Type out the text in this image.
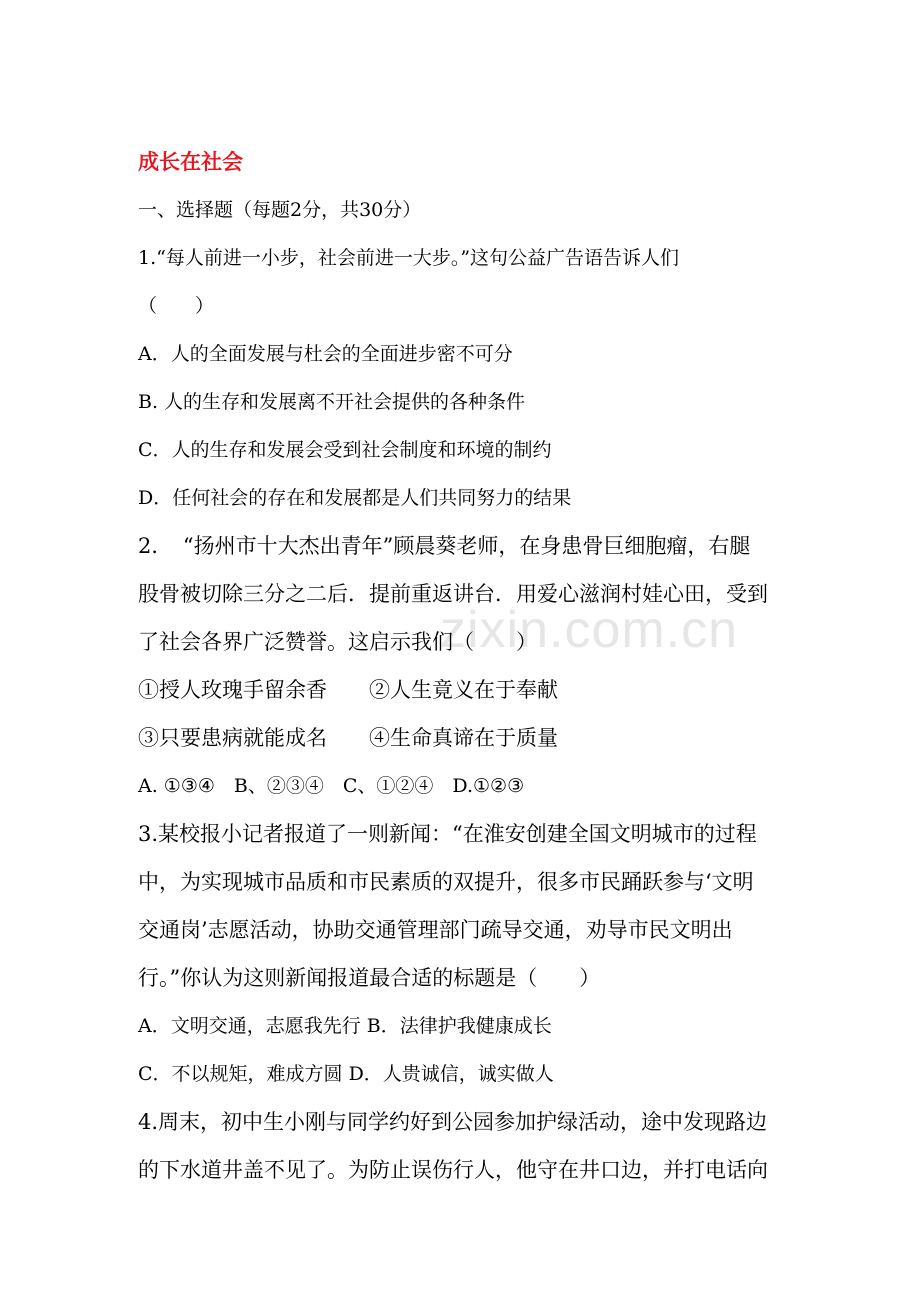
zixin.com.cn
成长在社会
一、选择题（每题2分，共30分）
1.“每人前进一小步，社会前进一大步。”这句公益广告语告诉人们
（　　）
A．人的全面发展与杜会的全面进步密不可分
B. 人的生存和发展离不开社会提供的各种条件
C．人的生存和发展会受到社会制度和环境的制约
D．任何社会的存在和发展都是人们共同努力的结果
2．　“扬州市十大杰出青年”顾晨葵老师，在身患骨巨细胞瘤，右腿
股骨被切除三分之二后．提前重返讲台．用爱心滋润村娃心田，受到
了社会各界广泛赞誉。这启示我们（　　）
①授人玫瑰手留余香　　②人生竟义在于奉献
③只要患病就能成名　　④生命真谛在于质量
A. ①③④　B、②③④　C、①②④　D.①②③
3.某校报小记者报道了一则新闻：“在淮安创建全国文明城市的过程
中，为实现城市品质和市民素质的双提升，很多市民踊跃参与‘文明
交通岗’志愿活动，协助交通管理部门疏导交通，劝导市民文明出
行。”你认为这则新闻报道最合适的标题是（　　）
A．文明交通，志愿我先行 B．法律护我健康成长
C．不以规矩，难成方圆 D．人贵诚信，诚实做人
4.周末，初中生小刚与同学约好到公园参加护绿活动，途中发现路边
的下水道井盖不见了。为防止误伤行人，他守在井口边，并打电话向
